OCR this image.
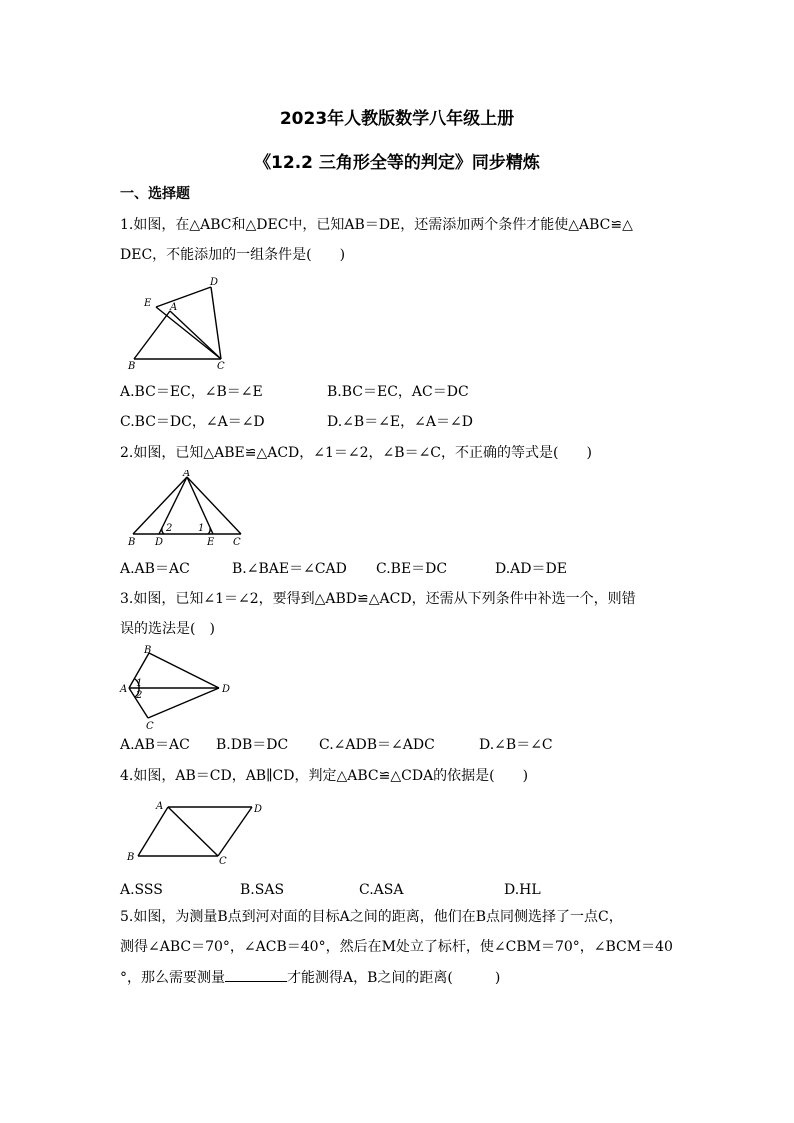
2023年人教版数学八年级上册
《12.2 三角形全等的判定》同步精炼
一、选择题
1.如图，在△ABC和△DEC中，已知AB＝DE，还需添加两个条件才能使△ABC≌△
DEC，不能添加的一组条件是(　　)
D
E A
B	C
A.BC＝EC，∠B＝∠E	B.BC＝EC，AC＝DC
C.BC＝DC，∠A＝∠D	D.∠B＝∠E，∠A＝∠D
2.如图，已知△ABE≌△ACD，∠1＝∠2，∠B＝∠C，不正确的等式是(　　)
A
B D
2	1
E C
A.AB＝AC	B.∠BAE＝∠CAD C.BE＝DC	D.AD＝DE
3.如图，已知∠1＝∠2，要得到△ABD≌△ACD，还需从下列条件中补选一个，则错
误的选法是(　)
B
A
1
2
D
C
A.AB＝AC B.DB＝DC C.∠ADB＝∠ADC	D.∠B＝∠C
4.如图，AB＝CD，AB∥CD，判定△ABC≌△CDA的依据是(　　)
A	D
B	C
A.SSS	B.SAS	C.ASA	D.HL
5.如图，为测量B点到河对面的目标A之间的距离，他们在B点同侧选择了一点C，
测得∠ABC＝70°，∠ACB＝40°，然后在M处立了标杆，使∠CBM＝70°，∠BCM＝40
°，那么需要测量	才能测得A，B之间的距离(　　　)
